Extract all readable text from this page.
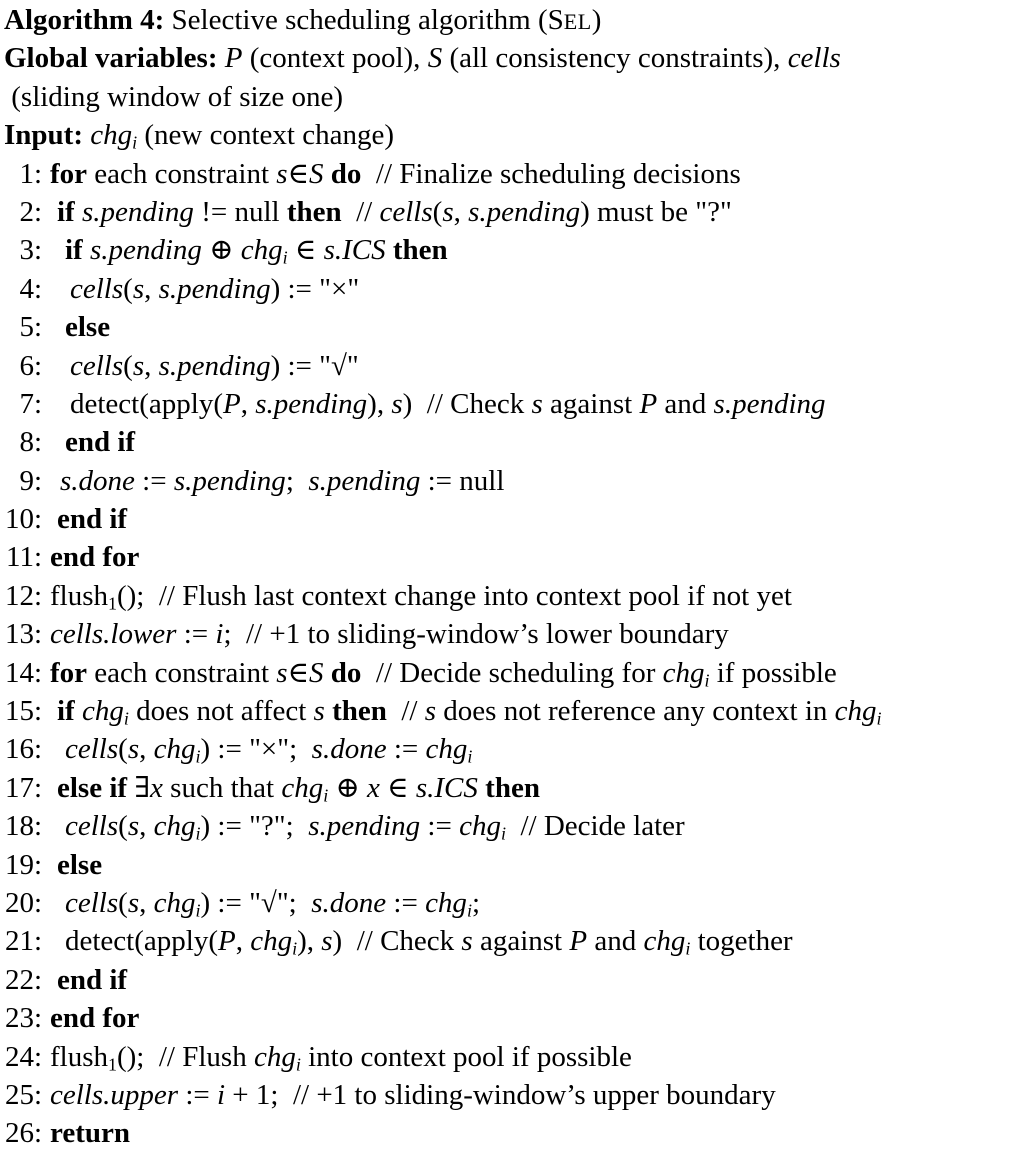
Algorithm 4: Selective scheduling algorithm (SEL)
Global variables: P (context pool), S (all consistency constraints), cells
(sliding window of size one)
Input: chg$_i$ (new context change)
1: for each constraint s∈S do  // Finalize scheduling decisions
2: if s.pending != null then  // cells(s, s.pending) must be "?"
3: if s.pending ⊕ chg$_i$ ∈ s.ICS then
4: cells(s, s.pending) := "×"
5: else
6: cells(s, s.pending) := "√"
7: detect(apply(P, s.pending), s)  // Check s against P and s.pending
8: end if
9: s.done := s.pending;  s.pending := null
10: end if
11: end for
12: flush$_1$();  // Flush last context change into context pool if not yet
13: cells.lower := i;  // +1 to sliding-window’s lower boundary
14: for each constraint s∈S do  // Decide scheduling for chg$_i$ if possible
15: if chg$_i$ does not affect s then  // s does not reference any context in chg$_i$
16: cells(s, chg$_i$) := "×";  s.done := chg$_i$
17: else if ∃x such that chg$_i$ ⊕ x ∈ s.ICS then
18: cells(s, chg$_i$) := "?";  s.pending := chg$_i$  // Decide later
19: else
20: cells(s, chg$_i$) := "√";  s.done := chg$_i$;
21: detect(apply(P, chg$_i$), s)  // Check s against P and chg$_i$ together
22: end if
23: end for
24: flush$_1$();  // Flush chg$_i$ into context pool if possible
25: cells.upper := i + 1;  // +1 to sliding-window’s upper boundary
26: return
